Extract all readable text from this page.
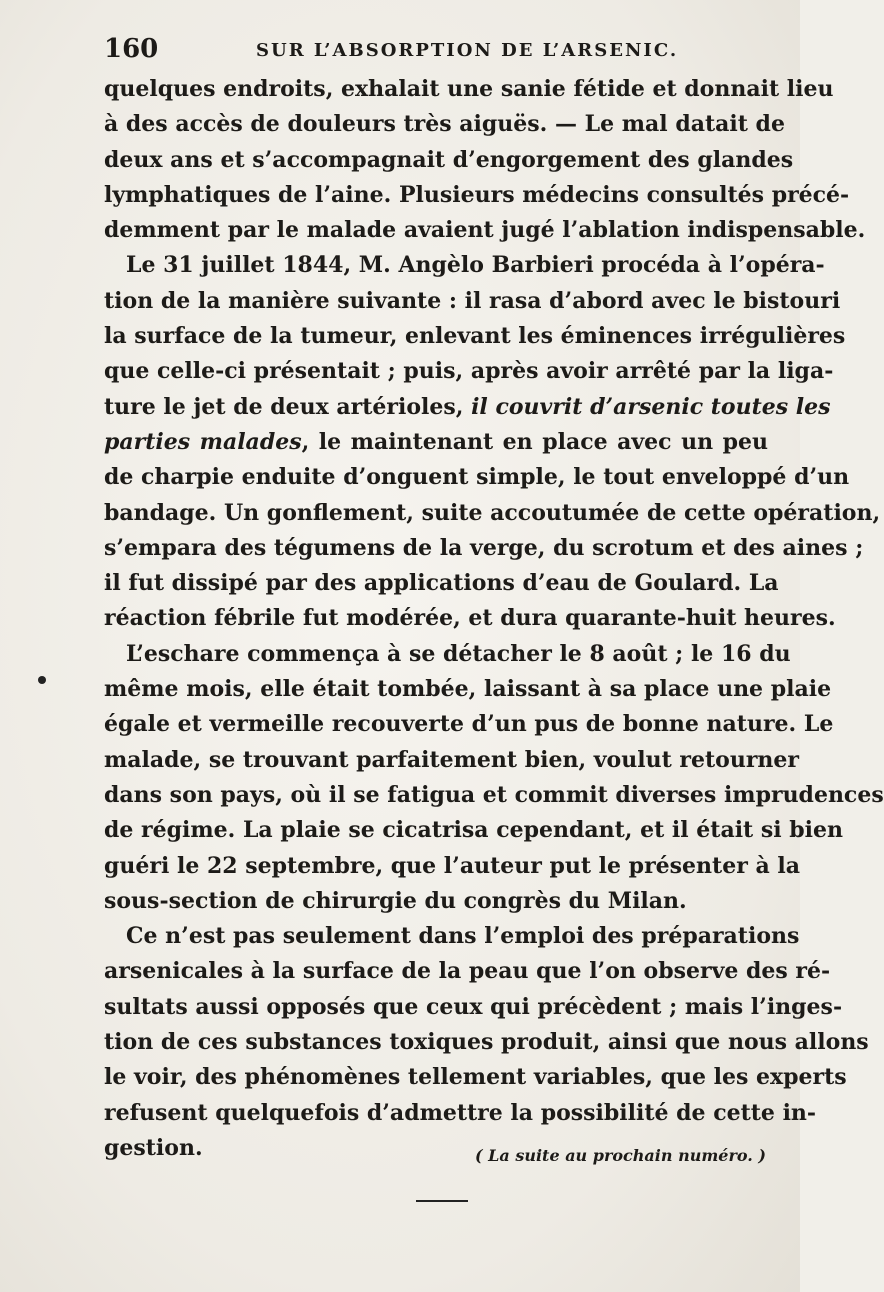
160	SUR L’ABSORPTION DE L’ARSENIC.

quelques endroits, exhalait une sanie fétide et donnait lieu
à des accès de douleurs très aiguës. — Le mal datait de
deux ans et s’accompagnait d’engorgement des glandes
lymphatiques de l’aine. Plusieurs médecins consultés précé-
demment par le malade avaient jugé l’ablation indispensable.

Le 31 juillet 1844, M. Angèlo Barbieri procéda à l’opéra-
tion de la manière suivante : il rasa d’abord avec le bistouri
la surface de la tumeur, enlevant les éminences irrégulières
que celle-ci présentait ; puis, après avoir arrêté par la liga-
ture le jet de deux artérioles, il couvrit d’arsenic toutes les
parties malades, le maintenant en place avec un peu
de charpie enduite d’onguent simple, le tout enveloppé d’un
bandage. Un gonflement, suite accoutumée de cette opération,
s’empara des tégumens de la verge, du scrotum et des aines ;
il fut dissipé par des applications d’eau de Goulard. La
réaction fébrile fut modérée, et dura quarante-huit heures.

L’eschare commença à se détacher le 8 août ; le 16 du
même mois, elle était tombée, laissant à sa place une plaie
égale et vermeille recouverte d’un pus de bonne nature. Le
malade, se trouvant parfaitement bien, voulut retourner
dans son pays, où il se fatigua et commit diverses imprudences
de régime. La plaie se cicatrisa cependant, et il était si bien
guéri le 22 septembre, que l’auteur put le présenter à la
sous-section de chirurgie du congrès du Milan.

Ce n’est pas seulement dans l’emploi des préparations
arsenicales à la surface de la peau que l’on observe des ré-
sultats aussi opposés que ceux qui précèdent ; mais l’inges-
tion de ces substances toxiques produit, ainsi que nous allons
le voir, des phénomènes tellement variables, que les experts
refusent quelquefois d’admettre la possibilité de cette in-
gestion.	( La suite au prochain numéro. )
